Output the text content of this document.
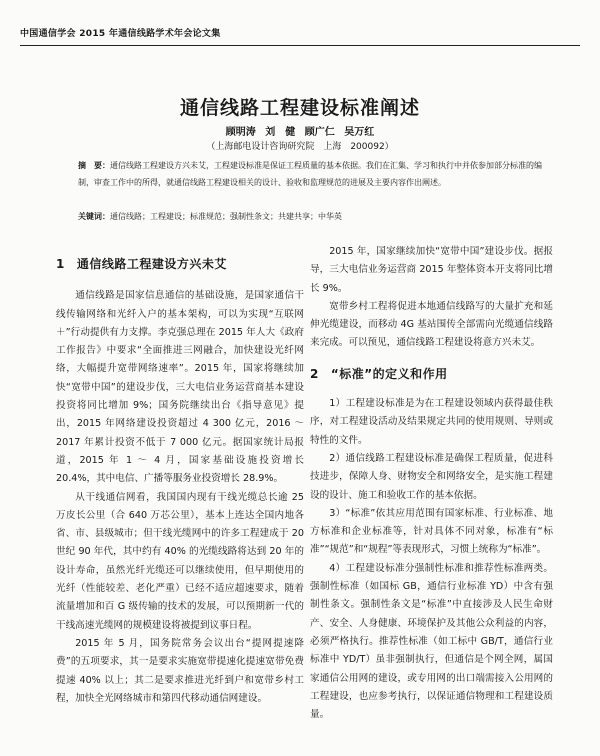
中国通信学会 2015 年通信线路学术年会论文集
通信线路工程建设标准阐述
顾明涛 刘　健 顾广仁 吴万红
（上海邮电设计咨询研究院　上海　200092）
摘　要：通信线路工程建设方兴未艾，工程建设标准是保证工程质量的基本依据。我们在汇集、学习和执行中并依参加部分标准的编制，审查工作中的所得，就通信线路工程建设相关的设计、验收和监理规范的进展及主要内容作出阐述。
关键词：通信线路；工程建设；标准规范；强制性条文；共建共享；中华英
1 通信线路工程建设方兴未艾

通信线路是国家信息通信的基础设施，是国家通信干线传输网络和光纤入户的基本架构，可以为实现“互联网＋”行动提供有力支撑。李克强总理在 2015 年人大《政府工作报告》中要求“全面推进三网融合，加快建设光纤网络，大幅提升宽带网络速率”。2015 年，国家将继续加快“宽带中国”的建设步伐，三大电信业务运营商基本建设投资将同比增加 9%；国务院继续出台《指导意见》提出，2015 年网络建设投资超过 4 300 亿元，2016 ～ 2017 年累计投资不低于 7 000 亿元。据国家统计局报道，2015 年 1 ～ 4 月，国家基础设施投资增长 20.4%，其中电信、广播等服务业投资增长 28.9%。

从干线通信网看，我国国内现有干线光缆总长逾 25 万皮长公里（合 640 万芯公里），基本上连达全国内地各省、市、县级城市；但干线光缆网中的许多工程建成于 20 世纪 90 年代，其中约有 40% 的光缆线路将达到 20 年的设计寿命，虽然光纤光缆还可以继续使用，但早期使用的光纤（性能较差、老化严重）已经不适应超速要求，随着流量增加和百 G 级传输的技术的发展，可以预期新一代的干线高速光缆网的规模建设将被提到议事日程。

2015 年 5 月，国务院常务会议出台“提网提速降费”的五项要求，其一是要求实施宽带提速化提速宽带免费提速 40% 以上；其二是要求推进光纤到户和宽带乡村工程，加快全光网络城市和第四代移动通信网建设。

2015 年，国家继续加快“宽带中国”建设步伐。据报导，三大电信业务运营商 2015 年整体资本开支将同比增长 9%。

宽带乡村工程将促进本地通信线路写的大量扩充和延伸光缆建设，而移动 4G 基站围传全部需向光缆通信线路来完成。可以预见，通信线路工程建设将意方兴未艾。

2 “标准”的定义和作用

1）工程建设标准是为在工程建设领域内获得最佳秩序，对工程建设活动及结果规定共同的使用规则、导则或特性的文件。

2）通信线路工程建设标准是确保工程质量，促进科技进步，保障人身、财物安全和网络安全，是实施工程建设的设计、施工和验收工作的基本依据。

3）“标准”依其应用范围有国家标准、行业标准、地方标准和企业标准等，针对具体不同对象，标准有“标准”“规范”和“规程”等表现形式，习惯上统称为“标准”。

4）工程建设标准分强制性标准和推荐性标准两类。强制性标准（如国标 GB，通信行业标准 YD）中含有强制性条文。强制性条文是“标准”中直接涉及人民生命财产、安全、人身健康、环境保护及其他公众利益的内容，必须严格执行。推荐性标准（如工标中 GB/T，通信行业标准中 YD/T）虽非强制执行，但通信是个网全网，属国家通信公用网的建设，或专用网的出口端需接入公用网的工程建设，也应参考执行，以保证通信物理和工程建设质量。
